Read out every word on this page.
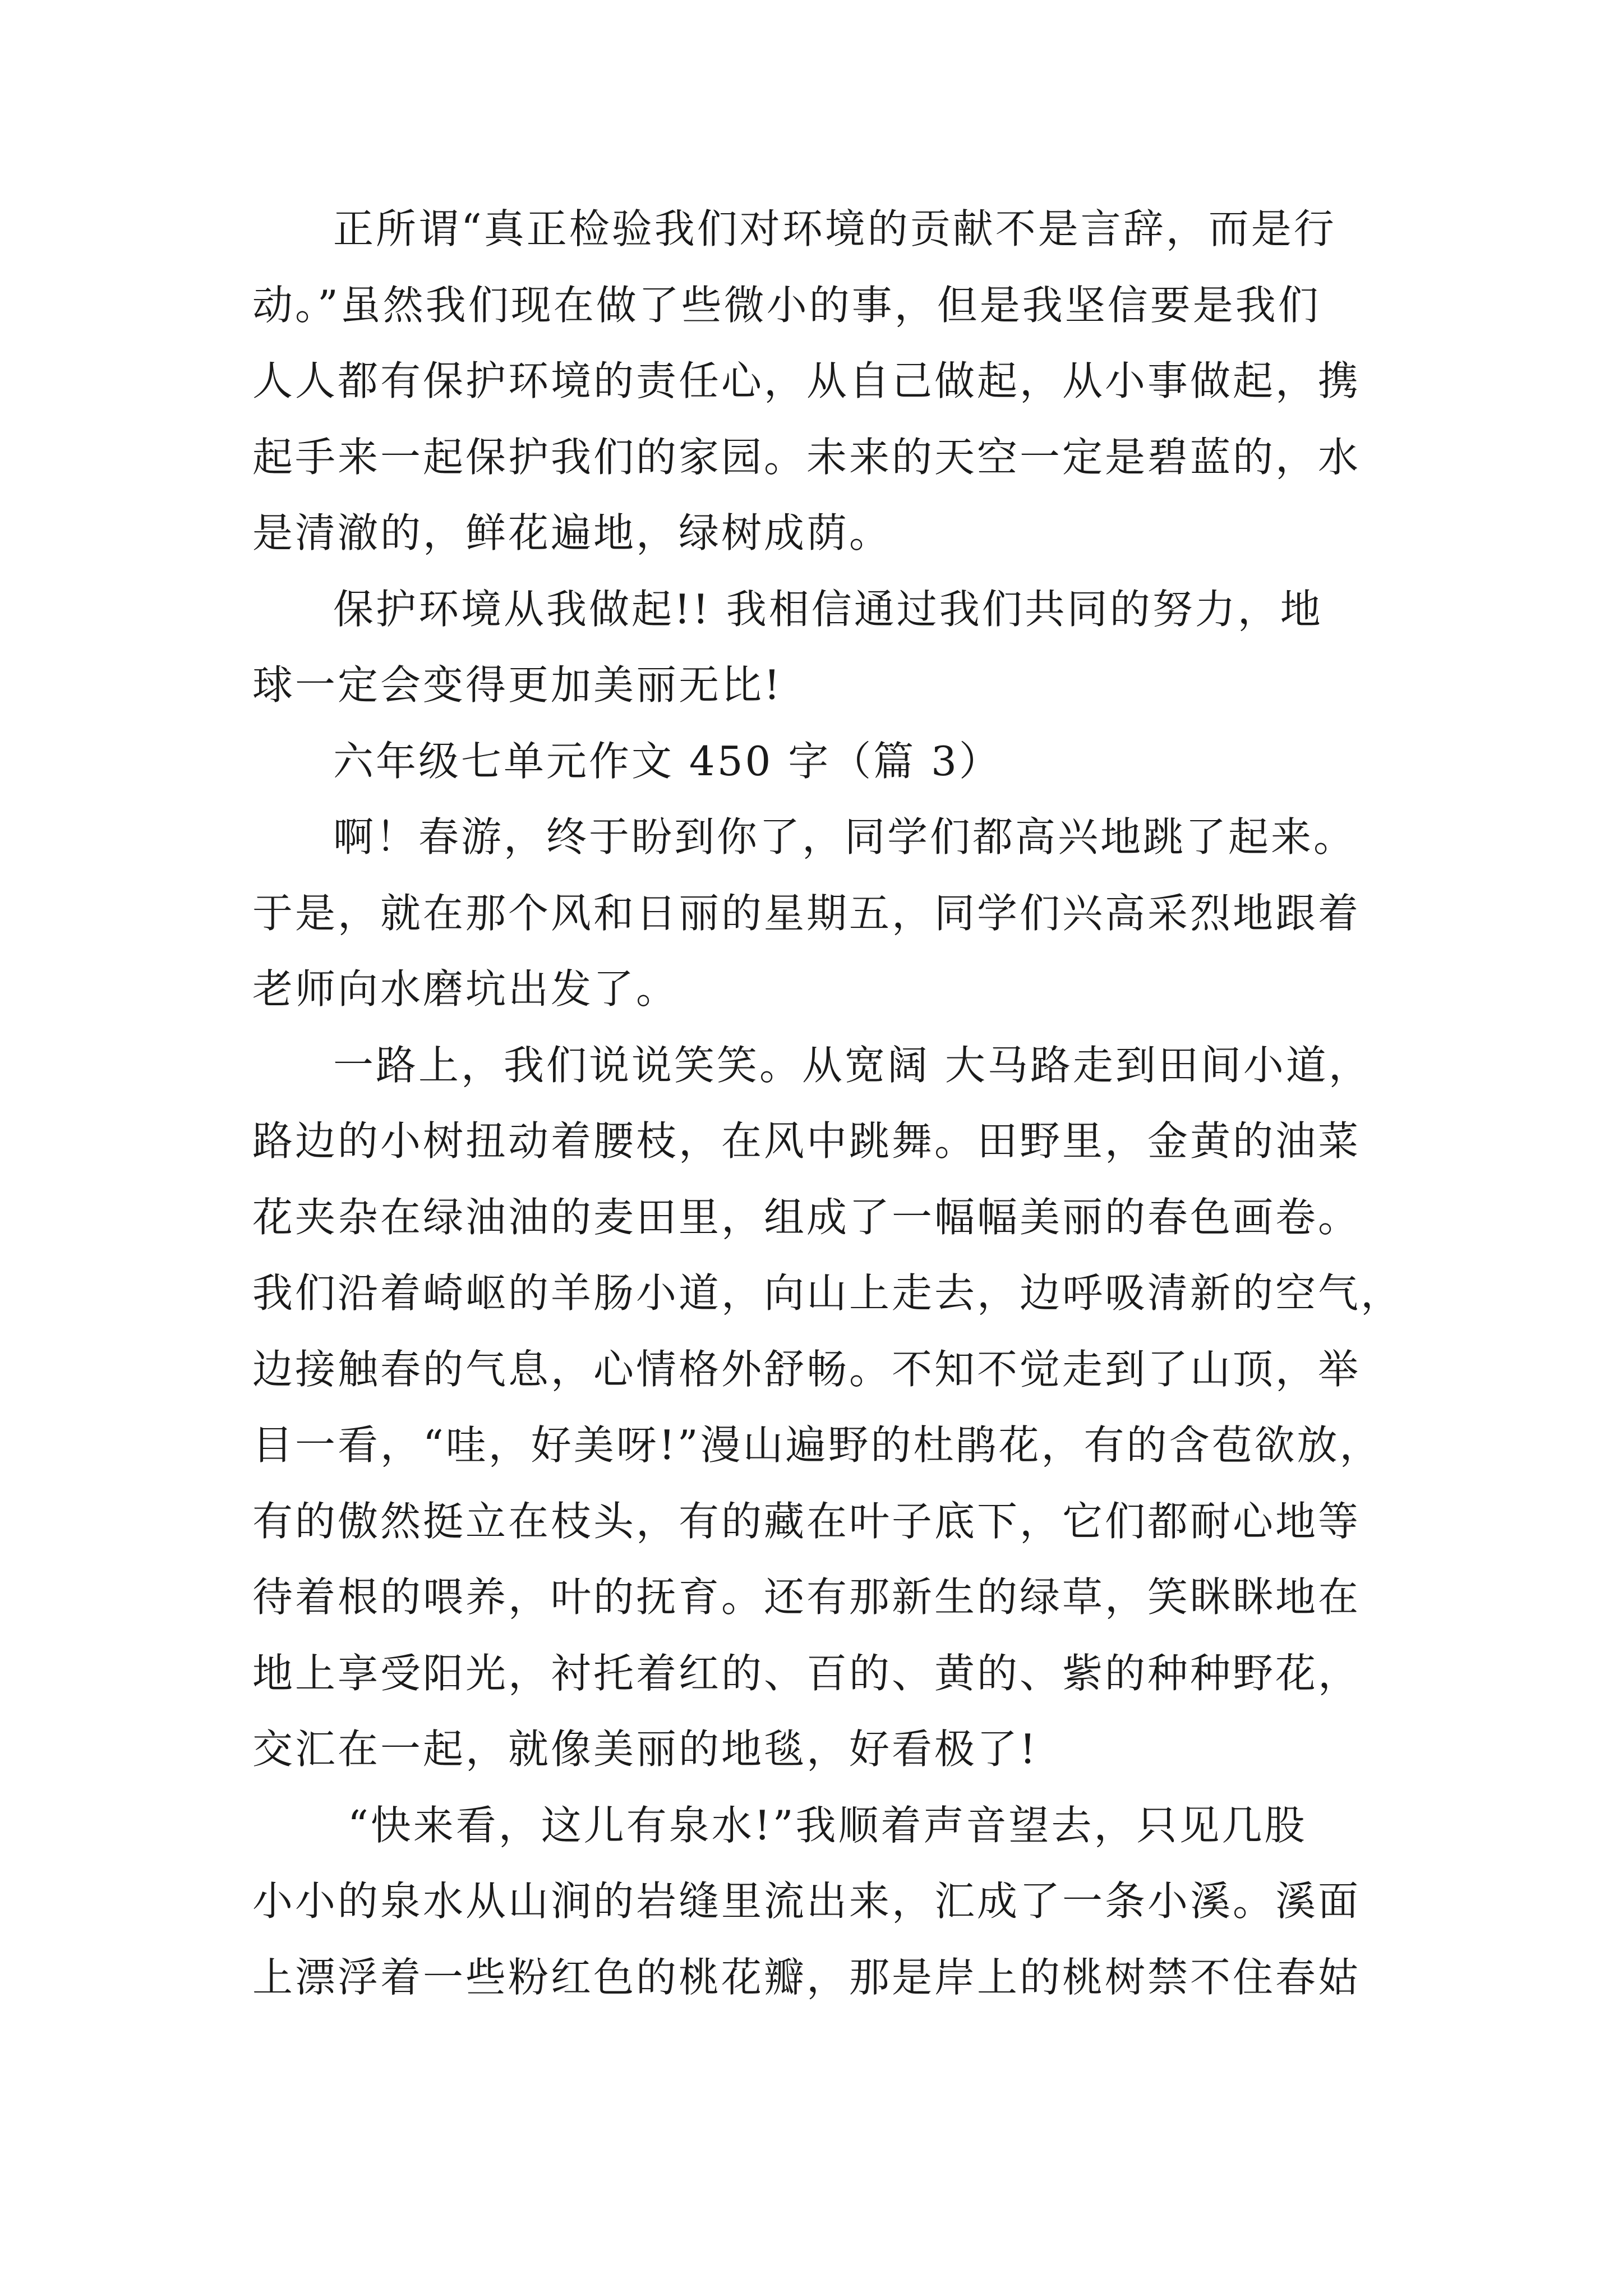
正所谓“真正检验我们对环境的贡献不是言辞，而是行
动。”虽然我们现在做了些微小的事，但是我坚信要是我们
人人都有保护环境的责任心，从自己做起，从小事做起，携
起手来一起保护我们的家园。未来的天空一定是碧蓝的，水
是清澈的，鲜花遍地，绿树成荫。
保护环境从我做起!! 我相信通过我们共同的努力，地
球一定会变得更加美丽无比!
六年级七单元作文 450 字（篇 3）
啊！春游，终于盼到你了，同学们都高兴地跳了起来。
于是，就在那个风和日丽的星期五，同学们兴高采烈地跟着
老师向水磨坑出发了。
一路上，我们说说笑笑。从宽阔 大马路走到田间小道，
路边的小树扭动着腰枝，在风中跳舞。田野里，金黄的油菜
花夹杂在绿油油的麦田里，组成了一幅幅美丽的春色画卷。
我们沿着崎岖的羊肠小道，向山上走去，边呼吸清新的空气，
边接触春的气息，心情格外舒畅。不知不觉走到了山顶，举
目一看，“哇，好美呀!”漫山遍野的杜鹃花，有的含苞欲放，
有的傲然挺立在枝头，有的藏在叶子底下，它们都耐心地等
待着根的喂养，叶的抚育。还有那新生的绿草，笑眯眯地在
地上享受阳光，衬托着红的、百的、黄的、紫的种种野花，
交汇在一起，就像美丽的地毯，好看极了!
“快来看，这儿有泉水!”我顺着声音望去，只见几股
小小的泉水从山涧的岩缝里流出来，汇成了一条小溪。溪面
上漂浮着一些粉红色的桃花瓣，那是岸上的桃树禁不住春姑
